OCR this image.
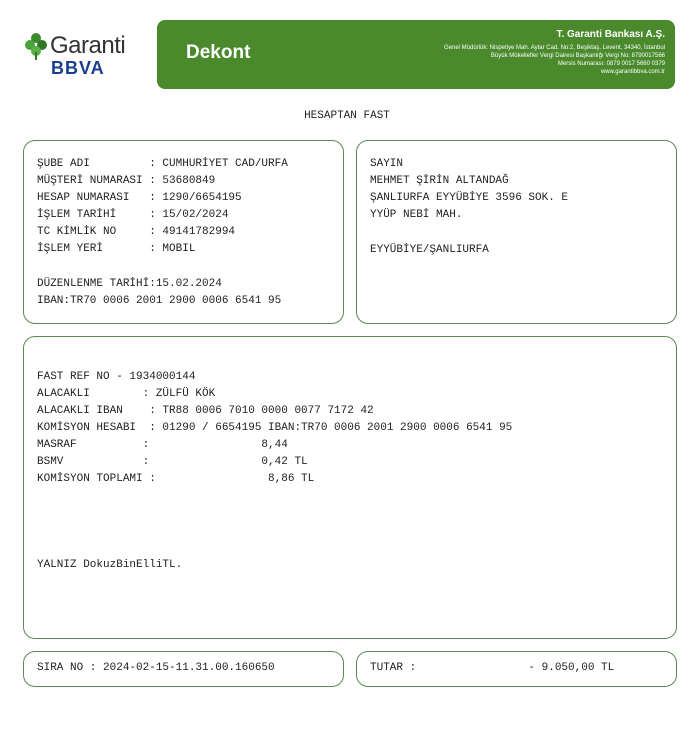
Garanti
BBVA
Dekont
T. Garanti Bankası A.Ş.
Genel Müdürlük: Nispetiye Mah. Aytar Cad. No:2, Beşiktaş, Levent, 34340, İstanbul
Büyük Mükellefler Vergi Dairesi Başkanlığı Vergi No: 8790017566
Mersis Numarası: 0879 0017 5660 0379
www.garantibbva.com.tr
HESAPTAN FAST
ŞUBE ADI         : CUMHURİYET CAD/URFA
MÜŞTERİ NUMARASI : 53680849
HESAP NUMARASI   : 1290/6654195
İŞLEM TARİHİ     : 15/02/2024
TC KİMLİK NO     : 49141782994
İŞLEM YERİ       : MOBIL
DÜZENLENME TARİHİ:15.02.2024
IBAN:TR70 0006 2001 2900 0006 6541 95
SAYIN
MEHMET ŞİRİN ALTANDAĞ
ŞANLIURFA EYYÜBİYE 3596 SOK. E
YYÜP NEBİ MAH.
EYYÜBİYE/ŞANLIURFA
FAST REF NO - 1934000144
ALACAKLI        : ZÜLFÜ KÖK
ALACAKLI IBAN    : TR88 0006 7010 0000 0077 7172 42
KOMİSYON HESABI  : 01290 / 6654195 IBAN:TR70 0006 2001 2900 0006 6541 95
MASRAF          :                 8,44
BSMV            :                 0,42 TL
KOMİSYON TOPLAMI :                 8,86 TL
YALNIZ DokuzBinElliTL.
SIRA NO : 2024-02-15-11.31.00.160650	TUTAR :                 - 9.050,00 TL
